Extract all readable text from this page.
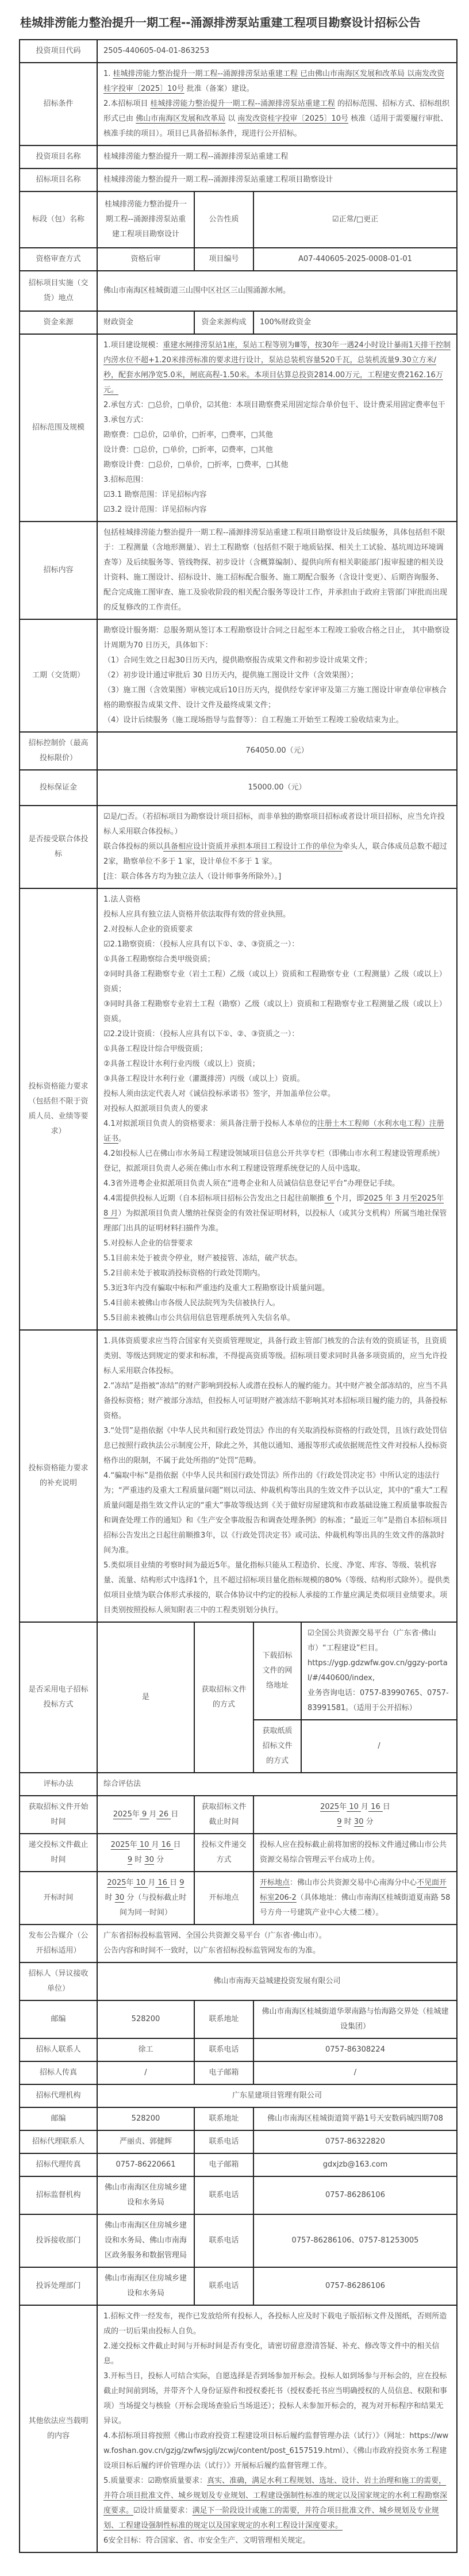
桂城排涝能力整治提升一期工程--涌源排涝泵站重建工程项目勘察设计招标公告
投资项目代码	2505-440605-04-01-863253			

招标条件	1. 桂城排涝能力整治提升一期工程--涌源排涝泵站重建工程 已由佛山市南海区发展和改革局 以南发改资桂字投审〔2025〕10号 批准（备案）建设。
2.本招标项目 桂城排涝能力整治提升一期工程--涌源排涝泵站重建工程 的招标范围、招标方式、招标组织形式已由 佛山市南海区发展和改革局 以 南发改资桂字投审〔2025〕10号 核准（适用于需要履行审批、核准手续的项目）。项目已具备招标条件，现进行公开招标。			

投资项目名称	桂城排涝能力整治提升一期工程--涌源排涝泵站重建工程			

招标项目名称	桂城排涝能力整治提升一期工程--涌源排涝泵站重建工程项目勘察设计			

标段（包）名称	桂城排涝能力整治提升一期工程--涌源排涝泵站重建工程项目勘察设计	公告性质	☑正常/□更正	

资格审查方式	资格后审	项目编号	A07-440605-2025-0008-01-01	

招标项目实施（交货）地点	佛山市南海区桂城街道三山围中区社区三山围涌源水闸。			

资金来源	财政资金	资金来源构成	100%财政资金	

招标范围及规模	
1.项目建设规模：重建水闸排涝泵站1座，泵站工程等别为Ⅲ等，按30年一遇24小时设计暴雨1天排干控制内涝水位不超+1.20米排涝标准的要求进行设计，泵站总装机容量520千瓦，总装机流量9.30立方米/秒，配套水闸净宽5.0米，闸底高程-1.50米。本项目估算总投资2814.00万元，工程建安费2162.16万元。
2.承包方式：□总价，□单价，☑其他：本项目勘察费采用固定综合单价包干、设计费采用固定费率包干
3.承包方式：
勘察费：□总价，☑单价，□折率，□费率，□其他
设计费：□总价，□单价，□折率，☑费率，□其他
勘察设计费：□总价，□单价，□折率，□费率，□其他
3.招标范围：
☑3.1 勘察范围：详见招标内容
☑3.2 设计范围：详见招标内容

招标内容	包括桂城排涝能力整治提升一期工程--涌源排涝泵站重建工程项目勘察设计及后续服务，具体包括但不限于：工程测量（含地形测量）、岩土工程勘察（包括但不限于地质钻探、相关土工试验、基坑周边环境调查等）及后续服务等、管线物探、初步设计（含概算编制）、提供向所有相关职能部门报审报建的相关设计资料、施工图设计、招标设计、施工招标配合服务、施工期配合服务（含设计变更）、后期咨询服务、配合完成施工图审查、施工及验收阶段的相关配合服务等设计工作，并承担由于政府主管部门审批而出现的反复修改的工作责任。			

工期（交货期）	勘察设计服务期：总服务期从签订本工程勘察设计合同之日起至本工程竣工验收合格之日止， 其中勘察设计周期为70 日历天，具体如下：
（1）合同生效之日起30日历天内，提供勘察报告成果文件和初步设计成果文件；
（2）初步设计通过审批后 30 日历天内，提供施工图设计文件（含效果图）；
（3）施工图（含效果图）审核完成后10日历天内，提供经专家评审及第三方施工图设计审查单位审核合格的勘察报告成果文件、设计文件及最终成果文件；
（4）设计后续服务（施工现场指导与监督等）：自工程施工开始至工程竣工验收结束为止。			

招标控制价（最高投标限价）	764050.00（元）			

投标保证金	15000.00（元）			

是否接受联合体投标	☑是/□否。（若招标项目为勘察设计项目招标，而非单独的勘察项目招标或者设计项目招标，应当允许投标人采用联合体投标。）
联合体投标的须以具备相应设计资质并承担本项目工程设计工作的单位为牵头人，联合体成员总数不超过2家，勘察单位不多于 1 家，设计单位不多于 1 家。
[注：联合体各方均为独立法人（设计师事务所除外）。]			

投标资格能力要求（包括但不限于资质人员、业绩等要求）	
1.法人资格
投标人应具有独立法人资格并依法取得有效的营业执照。
2.对投标人企业的资质要求
☑2.1勘察资质：（投标人应具有以下①、②、③资质之一）：
①具备工程勘察综合类甲级资质；
②同时具备工程勘察专业（岩土工程）乙级（或以上）资质和工程勘察专业（工程测量）乙级（或以上）资质；
③同时具备工程勘察专业岩土工程（勘察）乙级（或以上）资质和工程勘察专业工程测量乙级（或以上）资质。
☑2.2设计资质：（投标人应具有以下①、②、③资质之一）：
①具备工程设计综合甲级资质；
②具备工程设计水利行业丙级（或以上）资质；
③具备工程设计水利行业（灌溉排涝）丙级（或以上）资质。
投标人须由法定代表人对《诚信投标承诺书》签字，并加盖单位公章。
对投标人拟派项目负责人的要求
4.1对拟派项目负责人的资格要求：须具备注册于投标人本单位的注册土木工程师（水利水电工程）注册证书。
4.2如投标人已在佛山市水务局工程建设领域项目信息公开共享专栏（即佛山市水利工程建设管理系统）登记，拟派项目负责人必须在佛山市水利工程建设管理系统登记的人员中选取。
4.3省外进粤企业拟派项目负责人须在“进粤企业和人员诚信信息登记平台”办理登记手续。
4.4需提供投标人近期（自本招标项目招标公告发出之日起往前顺推 6 个月，即2025 年 3 月至2025年 8 月）为拟派项目负责人缴纳社保资金的有效社保证明材料，以投标人（或其分支机构）所属当地社保管理部门出具的证明材料扫描件为准。
5.对投标人企业的信誉要求
5.1目前未处于被责令停业，财产被接管、冻结，破产状态。
5.2目前未处于被取消投标资格的行政处罚期内。
5.3近3年内没有骗取中标和严重违约及重大工程勘察设计质量问题。
5.4目前未被佛山市各级人民法院列为失信被执行人。
5.5目前未被佛山市公共信用信息管理系统列入失信名单。

投标资格能力要求的补充说明	1.具体资质要求应当符合国家有关资质管理规定，具备行政主管部门核发的合法有效的资质证书，且资质类别、等级达到规定的要求和标准，不得提高资质等级。招标项目要求同时具备多项资质的，应当允许投标人采用联合体投标。
2.“冻结”是指被“冻结”的财产影响到投标人或潜在投标人的履约能力。其中财产被全部冻结的，应当不具备投标资格；财产被部分冻结，但投标人可证明财产被冻结不影响其对本招标项目履约能力的，具备投标资格。
3.“处罚”是指依据《中华人民共和国行政处罚法》作出的有关取消投标资格的行政处罚，且该行政处罚信息已按照行政执法公示制度公开，除此之外，其他以通知、通报等形式或依据规范性文件对投标人投标资格作出的限制，不属于此处所指的“处罚”范畴。
4.“骗取中标”是指依据《中华人民共和国行政处罚法》所作出的《行政处罚决定书》中所认定的违法行为；“严重违约及重大工程质量问题”则以司法、仲裁机构等出具的生效文件予以认定，其中的“重大”工程质量问题是指生效文件认定的“重大”事故等级达到《关于做好房屋建筑和市政基础设施工程质量事故报告和调查处理工作的通知》和《生产安全事故报告和调查处理条例》的标准；“最近三年”是指自本招标项目招标公告发出之日起往前顺推3年，以《行政处罚决定书》或司法、仲裁机构等出具的生效文件的落款时间为准。
5.类似项目业绩的考察时间为最近5年。量化指标只能从工程造价、长度、净宽、库容、等级、装机容量、流量、结构形式中选择1个，且不超过招标项目量化指标规模的80%（等级、结构形式除外）。提供类似项目业绩为联合体形式承接的，联合体协议中约定的投标人承接的工作量应满足类似项目业绩要求。项目类别按照投标人须知附表三中的工程类别划分执行。			

是否采用电子招标投标方式	是	获取招标文件的方式	下载招标文件的网络地址	☑全国公共资源交易平台（广东省·佛山市）“工程建设”栏目。
https://ygp.gdzwfw.gov.cn/ggzy-portal/#/440600/index,
业务咨询电话：0757-83990765、0757-83991581。（适用于公开招标）

			获取纸质招标文件的方式	/

评标办法	综合评估法			

获取招标文件开始时间	2025年 9 月 26 日	获取招标文件截止时间	2025年 10 月 16 日
9 时 30 分	

递交投标文件截止时间	2025年 10 月 16 日
9 时 30 分	投标文件递交方式	投标人应在投标截止前将加密的投标文件通过佛山市公共资源交易综合管理云平台成功上传。	

开标时间	2025年 10 月 16 日 9 时 30 分（与投标截止时间为同一时间）	开标地点	开标地点：佛山市公共资源交易中心南海分中心不见面开标室206-2（具体地址：佛山市南海区桂城街道夏南路 58 号方舟一号建筑产业中心大楼二楼）。	

发布公告媒介（公开招标适用）	广东省招标投标监管网、全国公共资源交易平台（广东省·佛山市）。
公告内容和时间不一致时，以广东省招标投标监管网发布的为准。			

招标人（异议接收单位）	佛山市南海天益城建投资发展有限公司			

邮编	528200	联系地址	佛山市南海区桂城街道华翠南路与怡海路交界处（桂城建设集团）	

招标人联系人	徐工	联系电话	0757-86308224	

招标人传真	/	电子邮箱	/	

招标代理机构	广东星建项目管理有限公司			

邮编	528200	联系地址	佛山市南海区桂城街道简平路1号天安数码城四期708	

招标代理联系人	严丽贞、郭健辉	联系电话	0757-86322820	

招标代理传真	0757-86220661	电子邮箱	gdxjzb@163.com	

招标监督机构	佛山市南海区住房城乡建设和水务局	联系电话	0757-86286106	

投诉接收部门	佛山市南海区住房城乡建设和水务局、佛山市南海区政务服务和数据管理局	联系电话	0757-86286106、0757-81253005	

投诉处理部门	佛山市南海区住房城乡建设和水务局	联系电话	0757-86286106	

其他依法应当载明的内容	
1.招标文件一经发布，视作已发放给所有投标人，各投标人应及时下载电子版招标文件及图纸，否则所造成的一切后果由投标人自负。
2.递交投标文件截止时间与开标时间是否有变化，请密切留意澄清答疑、补充、修改等文件中的相关信息。
3.开标当日，投标人可结合实际，自愿选择是否到场参加开标会。投标人如到场参与开标会的，应在投标截止时间前到场，并带齐个人身份证原件和授权委托书（授权委托书应当明确授权的人员信息、权限和事项）当场提交与核验（开标会现场查验后当场退还）；投标人未参加开标会的，视为对开标程序和结果无异议。
4.本招标项目将按照《佛山市政府投资工程建设项目标后履约监督管理办法（试行）》（网址：https://www.foshan.gov.cn/gzjg/zwfwsjglj/zcwj/content/post_6157519.html）、《佛山市政府投资水务工程建设项目标后履约评价管理办法（试行）》开展标后履约监督管理工作。
5.质量要求：☑勘察质量要求：真实、准确，满足水利工程规划、选址、设计、岩土治理和施工的需要，并符合项目批准文件、城乡规划及专业规划、工程建设强制性标准的规定以及国家规定的水利工程勘察深度要求。☑设计质量要求：满足下一阶段设计或施工的需要，并符合项目批准文件、城乡规划及专业规划、工程建设强制性标准的规定以及国家规定的水利工程设计深度要求。
6安全目标：符合国家、省、市安全生产、文明管理相关规定。
